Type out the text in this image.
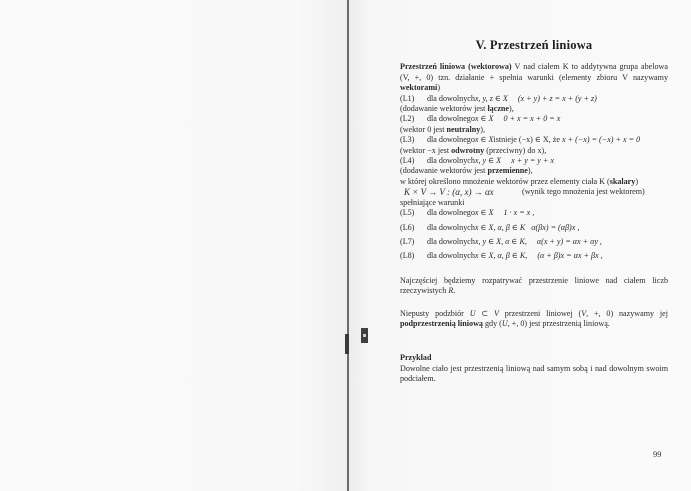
V. Przestrzeń liniowa

Przestrzeń liniowa (wektorowa) V nad ciałem K to addytywna grupa abelowa (V, +, 0) tzn. działanie + spełnia warunki (elementy zbioru V nazywamy wektorami)

(L1)	dla dowolnych x, y, z ∈ X (x + y) + z = x + (y + z)
(dodawanie wektorów jest łączne),
(L2)	dla dowolnego x ∈ X 0 + x = x + 0 = x
(wektor 0 jest neutralny),
(L3)	dla dowolnego x ∈ X istnieje (−x) ∈ X, że x + (−x) = (−x) + x = 0
(wektor −x jest odwrotny (przeciwny) do x),
(L4)	dla dowolnych x, y ∈ X x + y = y + x
(dodawanie wektorów jest przemienne),

w której określono mnożenie wektorów przez elementy ciała K (skalary)

K × V → V : (α, x) → αx	(wynik tego mnożenia jest wektorem)
spełniające warunki
(L5)	dla dowolnego x ∈ X 1 · x = x ,
(L6)	dla dowolnych x ∈ X, α, β ∈ K α(βx) = (αβ)x ,
(L7)	dla dowolnych x, y ∈ X, α ∈ K, α(x + y) = αx + αy ,
(L8)	dla dowolnych x ∈ X, α, β ∈ K, (α + β)x = αx + βx ,

Najczęściej będziemy rozpatrywać przestrzenie liniowe nad ciałem liczb rzeczywistych R.

Niepusty podzbiór U ⊂ V przestrzeni liniowej (V, +, 0) nazywamy jej podprzestrzenią liniową gdy (U, +, 0) jest przestrzenią liniową.

Przykład

Dowolne ciało jest przestrzenią liniową nad samym sobą i nad dowolnym swoim podciałem.

99
